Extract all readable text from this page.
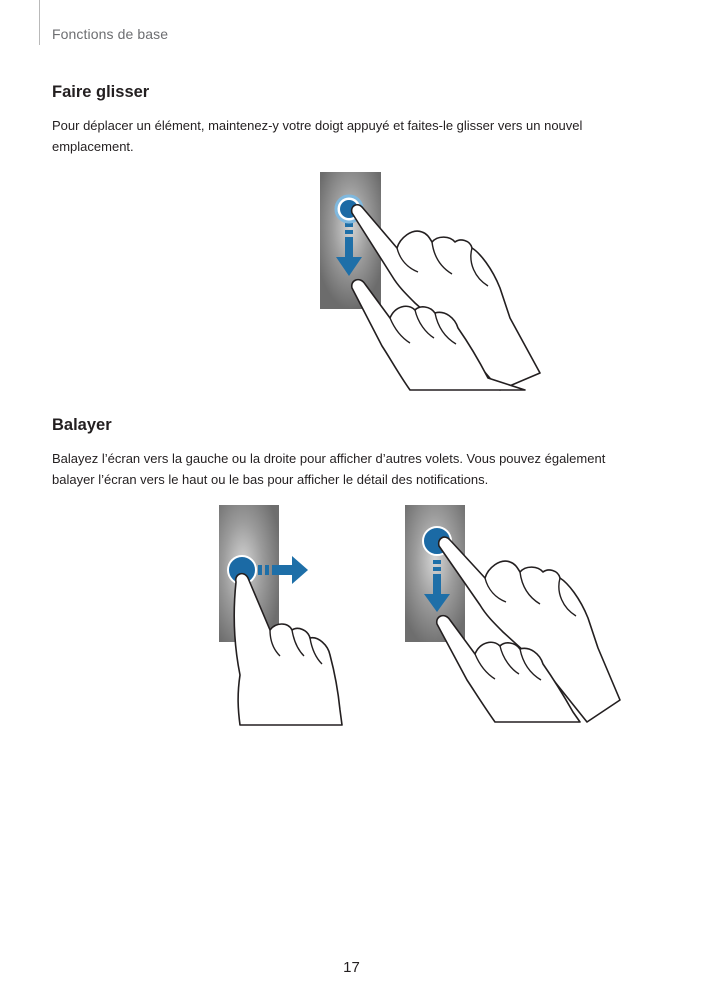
Fonctions de base
Faire glisser
Pour déplacer un élément, maintenez-y votre doigt appuyé et faites-le glisser vers un nouvel emplacement.
Balayer
Balayez l’écran vers la gauche ou la droite pour afficher d’autres volets. Vous pouvez également balayer l’écran vers le haut ou le bas pour afficher le détail des notifications.
17
